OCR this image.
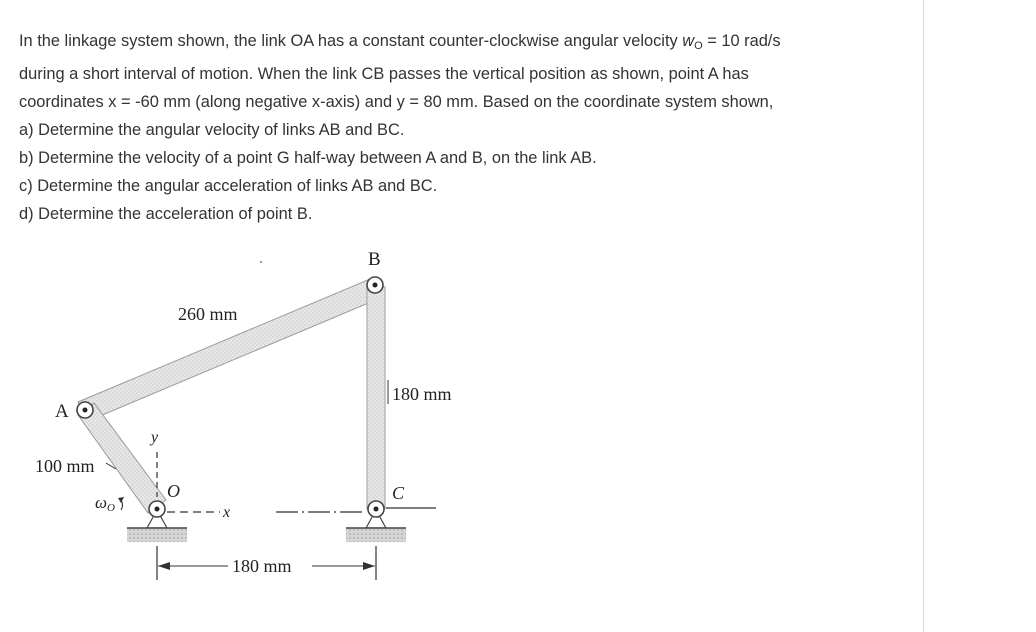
In the linkage system shown, the link OA has a constant counter-clockwise angular velocity wO = 10 rad/s
during a short interval of motion. When the link CB passes the vertical position as shown, point A has
coordinates x = -60 mm (along negative x-axis) and y = 80 mm. Based on the coordinate system shown,
a) Determine the angular velocity of links AB and BC.
b) Determine the velocity of a point G half-way between A and B, on the link AB.
c) Determine the angular acceleration of links AB and BC.
d) Determine the acceleration of point B.
B
A
O	C
y
x
ωO
260 mm
180 mm
100 mm
180 mm
